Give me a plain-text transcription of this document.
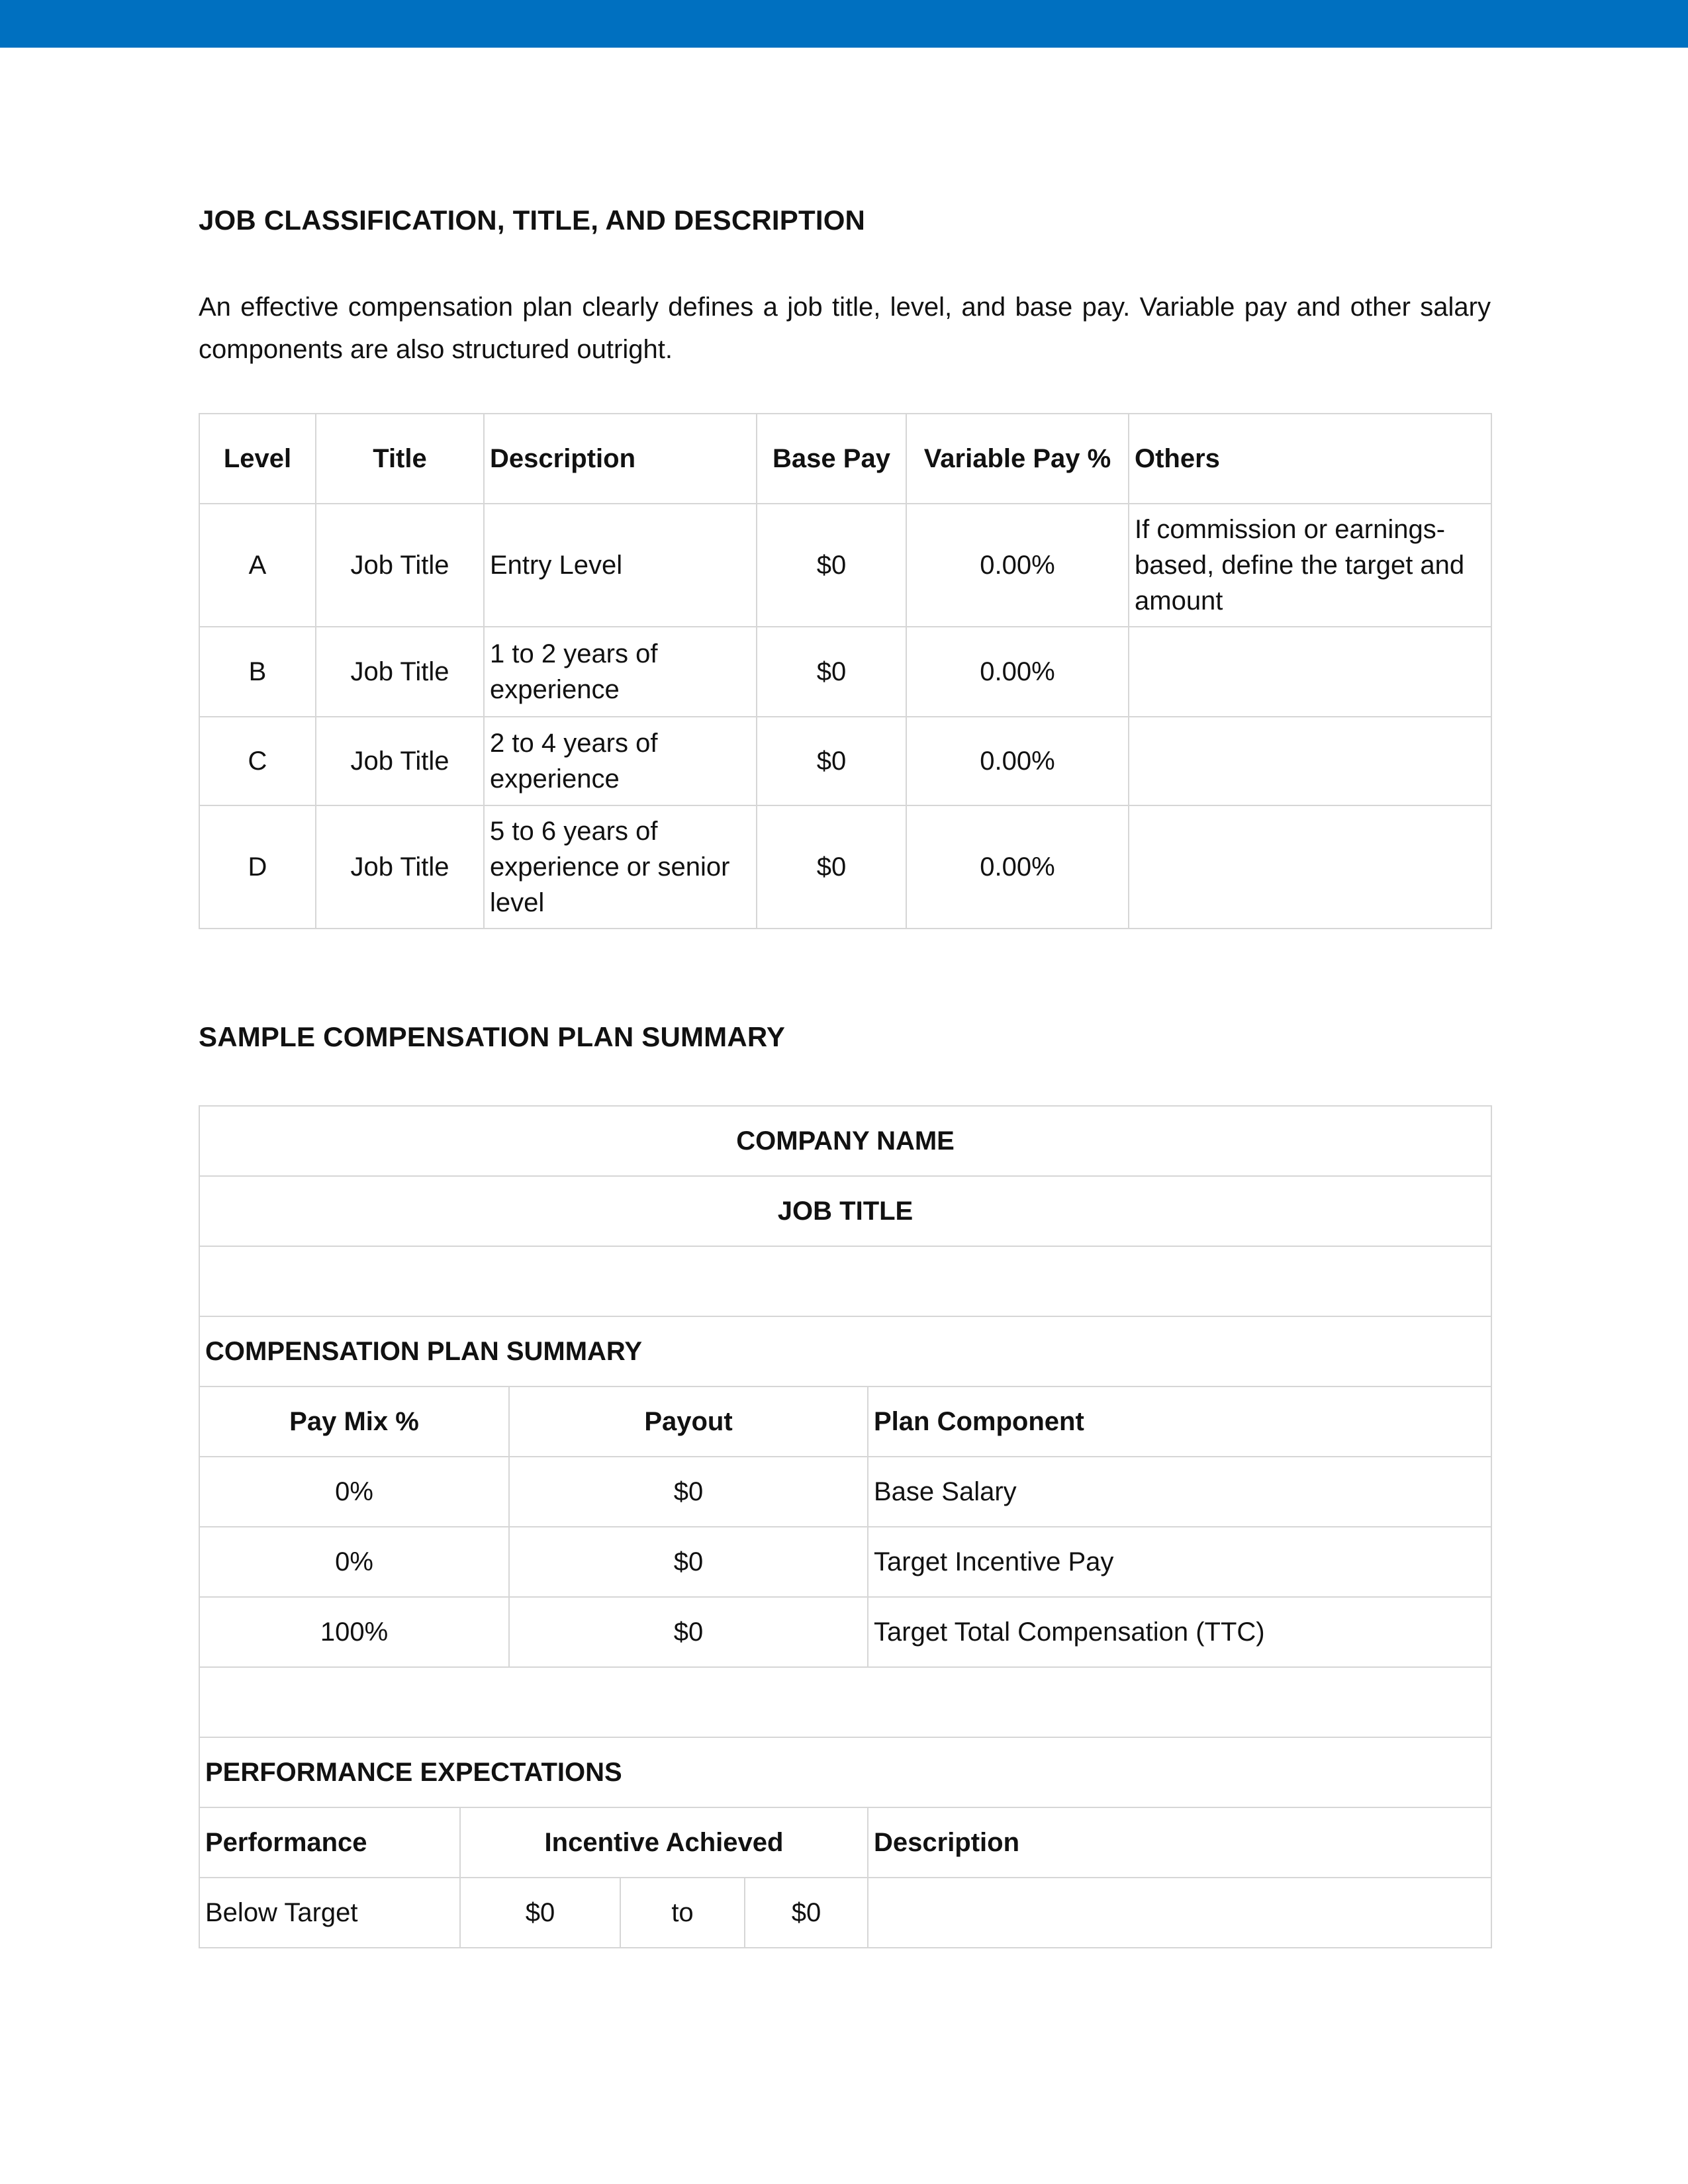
JOB CLASSIFICATION, TITLE, AND DESCRIPTION

An effective compensation plan clearly defines a job title, level, and base pay. Variable pay and other salary components are also structured outright.

Level	Title	Description	Base Pay	Variable Pay %	Others
A	Job Title	Entry Level	$0	0.00%	If commission or earnings-based, define the target and amount
B	Job Title	1 to 2 years of experience	$0	0.00%	
C	Job Title	2 to 4 years of experience	$0	0.00%	
D	Job Title	5 to 6 years of experience or senior level	$0	0.00%	
SAMPLE COMPENSATION PLAN SUMMARY
COMPANY NAME					
JOB TITLE					

COMPENSATION PLAN SUMMARY					
Pay Mix %		Payout			Plan Component
0%		$0			Base Salary
0%		$0			Target Incentive Pay
100%		$0			Target Total Compensation (TTC)

PERFORMANCE EXPECTATIONS					
Performance	Incentive Achieved				Description
Below Target	$0		to	$0	
